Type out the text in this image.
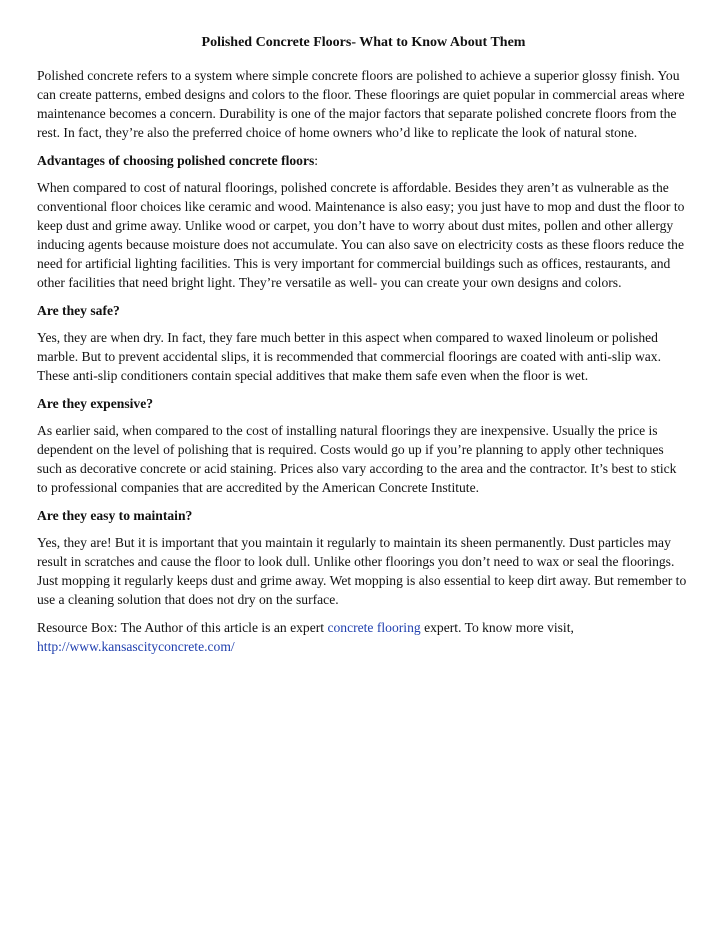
Polished Concrete Floors- What to Know About Them

Polished concrete refers to a system where simple concrete floors are polished to achieve a superior glossy finish. You can create patterns, embed designs and colors to the floor. These floorings are quiet popular in commercial areas where maintenance becomes a concern. Durability is one of the major factors that separate polished concrete floors from the rest. In fact, they’re also the preferred choice of home owners who’d like to replicate the look of natural stone.

Advantages of choosing polished concrete floors:

When compared to cost of natural floorings, polished concrete is affordable. Besides they aren’t as vulnerable as the conventional floor choices like ceramic and wood. Maintenance is also easy; you just have to mop and dust the floor to keep dust and grime away. Unlike wood or carpet, you don’t have to worry about dust mites, pollen and other allergy inducing agents because moisture does not accumulate. You can also save on electricity costs as these floors reduce the need for artificial lighting facilities. This is very important for commercial buildings such as offices, restaurants, and other facilities that need bright light. They’re versatile as well- you can create your own designs and colors.

Are they safe?

Yes, they are when dry. In fact, they fare much better in this aspect when compared to waxed linoleum or polished marble. But to prevent accidental slips, it is recommended that commercial floorings are coated with anti-slip wax. These anti-slip conditioners contain special additives that make them safe even when the floor is wet.

Are they expensive?

As earlier said, when compared to the cost of installing natural floorings they are inexpensive. Usually the price is dependent on the level of polishing that is required. Costs would go up if you’re planning to apply other techniques such as decorative concrete or acid staining. Prices also vary according to the area and the contractor. It’s best to stick to professional companies that are accredited by the American Concrete Institute.

Are they easy to maintain?

Yes, they are! But it is important that you maintain it regularly to maintain its sheen permanently. Dust particles may result in scratches and cause the floor to look dull. Unlike other floorings you don’t need to wax or seal the floorings. Just mopping it regularly keeps dust and grime away. Wet mopping is also essential to keep dirt away. But remember to use a cleaning solution that does not dry on the surface.

Resource Box: The Author of this article is an expert concrete flooring expert. To know more visit,
http://www.kansascityconcrete.com/
